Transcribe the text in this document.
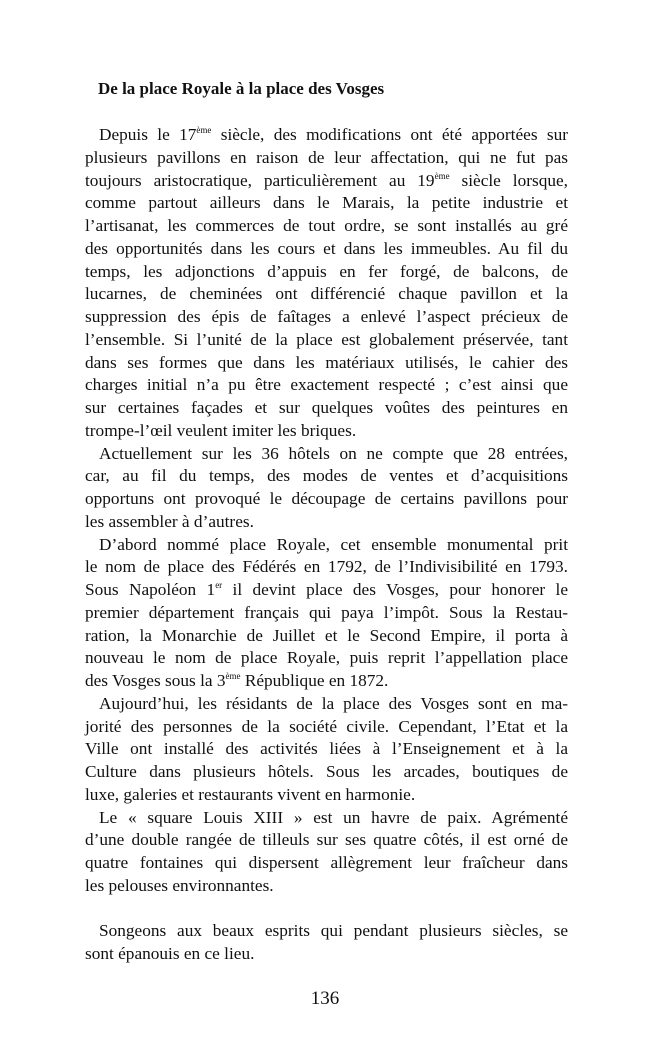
De la place Royale à la place des Vosges
Depuis le 17ème siècle, des modifications ont été apportées sur
plusieurs pavillons en raison de leur affectation, qui ne fut pas
toujours aristocratique, particulièrement au 19ème siècle lorsque,
comme partout ailleurs dans le Marais, la petite industrie et
l’artisanat, les commerces de tout ordre, se sont installés au gré
des opportunités dans les cours et dans les immeubles. Au fil du
temps, les adjonctions d’appuis en fer forgé, de balcons, de
lucarnes, de cheminées ont différencié chaque pavillon et la
suppression des épis de faîtages a enlevé l’aspect précieux de
l’ensemble. Si l’unité de la place est globalement préservée, tant
dans ses formes que dans les matériaux utilisés, le cahier des
charges initial n’a pu être exactement respecté ; c’est ainsi que
sur certaines façades et sur quelques voûtes des peintures en
trompe-l’œil veulent imiter les briques.
Actuellement sur les 36 hôtels on ne compte que 28 entrées,
car, au fil du temps, des modes de ventes et d’acquisitions
opportuns ont provoqué le découpage de certains pavillons pour
les assembler à d’autres.
D’abord nommé place Royale, cet ensemble monumental prit
le nom de place des Fédérés en 1792, de l’Indivisibilité en 1793.
Sous Napoléon 1er il devint place des Vosges, pour honorer le
premier département français qui paya l’impôt. Sous la Restau-
ration, la Monarchie de Juillet et le Second Empire, il porta à
nouveau le nom de place Royale, puis reprit l’appellation place
des Vosges sous la 3ème République en 1872.
Aujourd’hui, les résidants de la place des Vosges sont en ma-
jorité des personnes de la société civile. Cependant, l’Etat et la
Ville ont installé des activités liées à l’Enseignement et à la
Culture dans plusieurs hôtels. Sous les arcades, boutiques de
luxe, galeries et restaurants vivent en harmonie.
Le « square Louis XIII » est un havre de paix. Agrémenté
d’une double rangée de tilleuls sur ses quatre côtés, il est orné de
quatre fontaines qui dispersent allègrement leur fraîcheur dans
les pelouses environnantes.
Songeons aux beaux esprits qui pendant plusieurs siècles, se
sont épanouis en ce lieu.
136
